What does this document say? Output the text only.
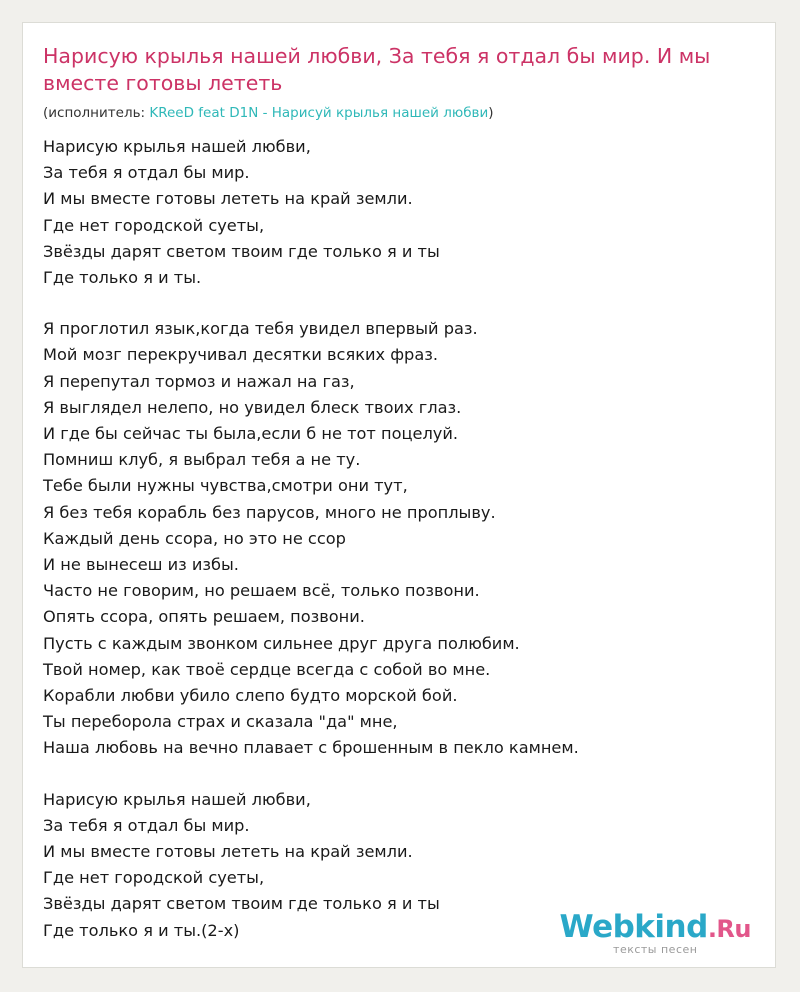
Нарисую крылья нашей любви, За тебя я отдал бы мир. И мы вместе готовы лететь
(исполнитель: KReeD feat D1N - Нарисуй крылья нашей любви)
Нарисую крылья нашей любви,
За тебя я отдал бы мир.
И мы вместе готовы лететь на край земли.
Где нет городской суеты,
Звёзды дарят светом твоим где только я и ты
Где только я и ты.
Я проглотил язык,когда тебя увидел впервый раз.
Мой мозг перекручивал десятки всяких фраз.
Я перепутал тормоз и нажал на газ,
Я выглядел нелепо, но увидел блеск твоих глаз.
И где бы сейчас ты была,если б не тот поцелуй.
Помниш клуб, я выбрал тебя а не ту.
Тебе были нужны чувства,смотри они тут,
Я без тебя корабль без парусов, много не проплыву.
Каждый день ссора, но это не ссор
И не вынесеш из избы.
Часто не говорим, но решаем всё, только позвони.
Опять ссора, опять решаем, позвони.
Пусть с каждым звонком сильнее друг друга полюбим.
Твой номер, как твоё сердце всегда с собой во мне.
Корабли любви убило слепо будто морской бой.
Ты переборола страх и сказала "да" мне,
Наша любовь на вечно плавает с брошенным в пекло камнем.
Нарисую крылья нашей любви,
За тебя я отдал бы мир.
И мы вместе готовы лететь на край земли.
Где нет городской суеты,
Звёзды дарят светом твоим где только я и ты
Где только я и ты.(2-х)	Webkind.Ru
тексты песен
